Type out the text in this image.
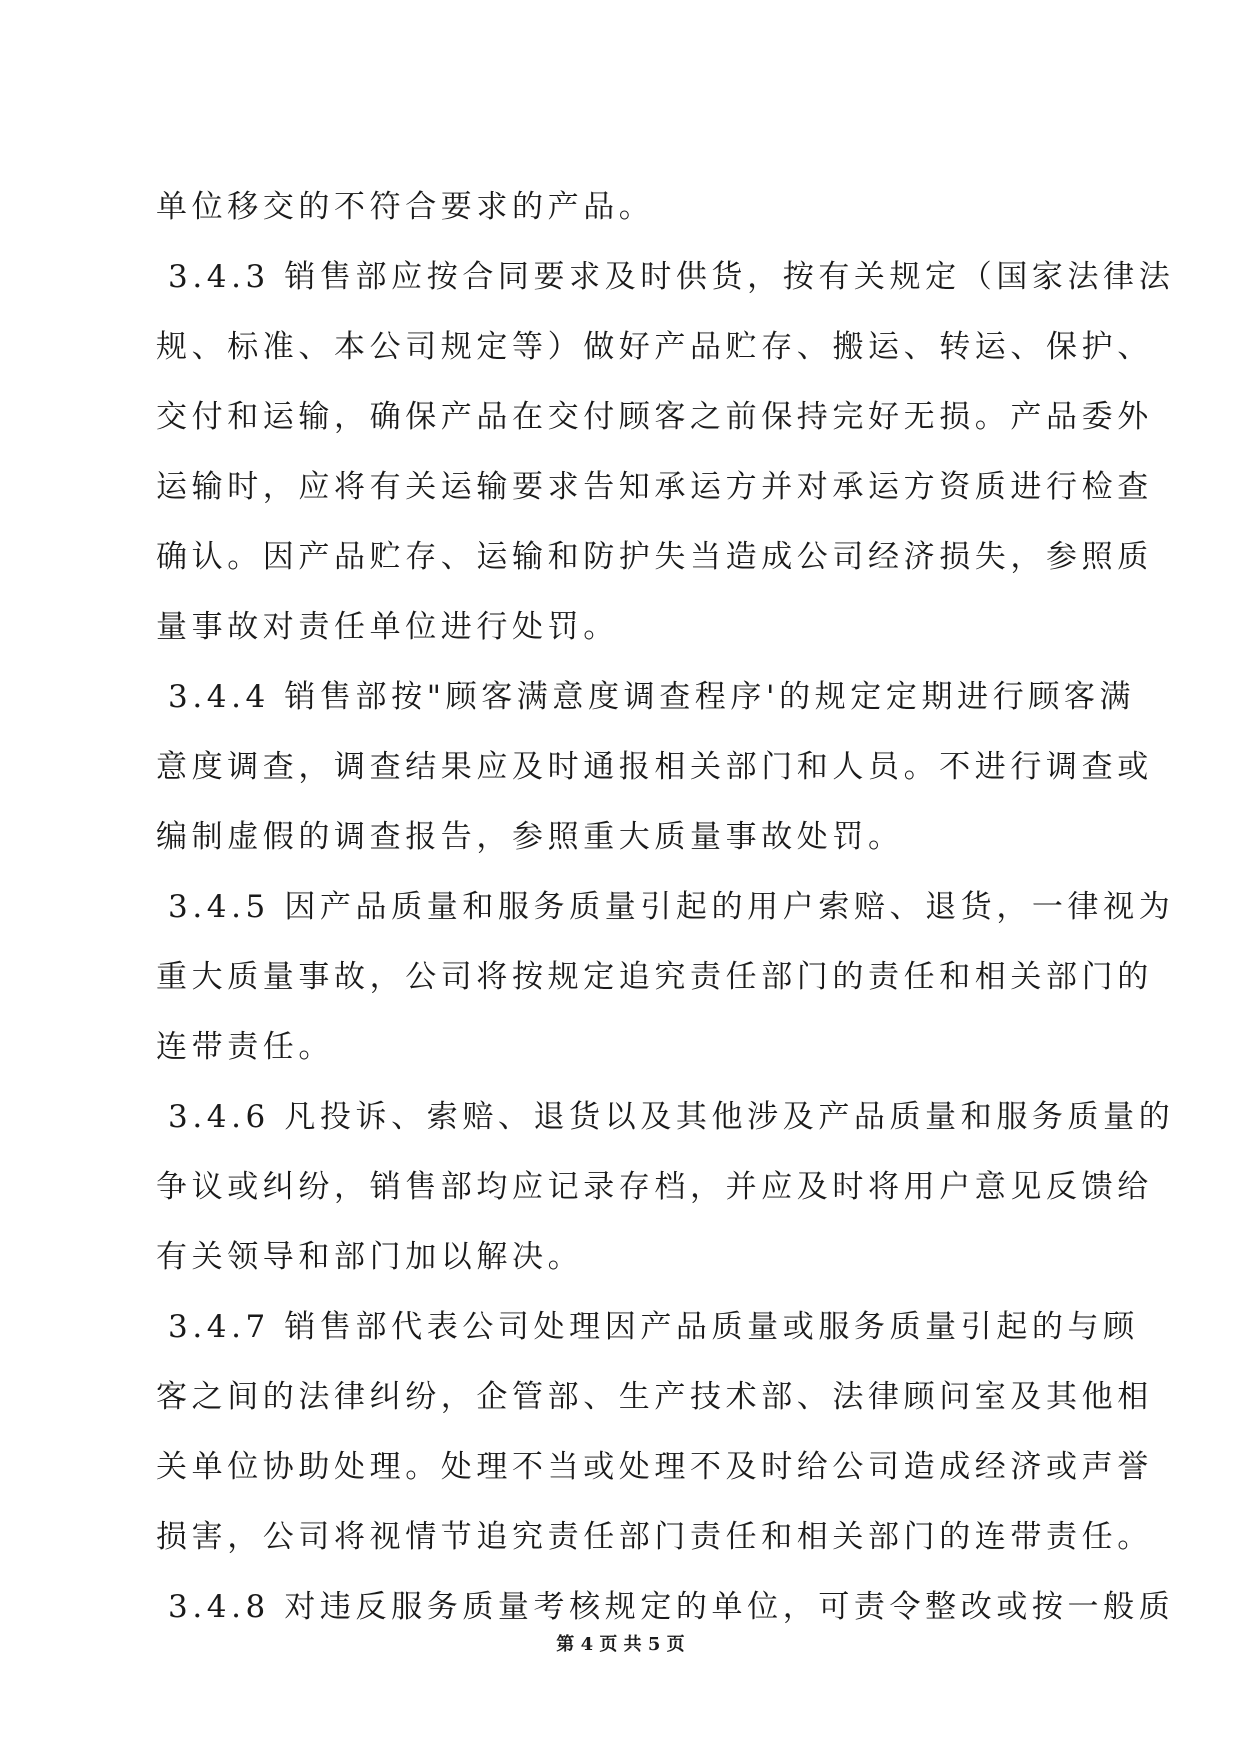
单位移交的不符合要求的产品。
3.4.3 销售部应按合同要求及时供货，按有关规定（国家法律法
规、标准、本公司规定等）做好产品贮存、搬运、转运、保护、
交付和运输，确保产品在交付顾客之前保持完好无损。产品委外
运输时，应将有关运输要求告知承运方并对承运方资质进行检查
确认。因产品贮存、运输和防护失当造成公司经济损失，参照质
量事故对责任单位进行处罚。
3.4.4 销售部按"顾客满意度调查程序'的规定定期进行顾客满
意度调查，调查结果应及时通报相关部门和人员。不进行调查或
编制虚假的调查报告，参照重大质量事故处罚。
3.4.5 因产品质量和服务质量引起的用户索赔、退货，一律视为
重大质量事故，公司将按规定追究责任部门的责任和相关部门的
连带责任。
3.4.6 凡投诉、索赔、退货以及其他涉及产品质量和服务质量的
争议或纠纷，销售部均应记录存档，并应及时将用户意见反馈给
有关领导和部门加以解决。
3.4.7 销售部代表公司处理因产品质量或服务质量引起的与顾
客之间的法律纠纷，企管部、生产技术部、法律顾问室及其他相
关单位协助处理。处理不当或处理不及时给公司造成经济或声誉
损害，公司将视情节追究责任部门责任和相关部门的连带责任。
3.4.8 对违反服务质量考核规定的单位，可责令整改或按一般质
第 4 页 共 5 页
